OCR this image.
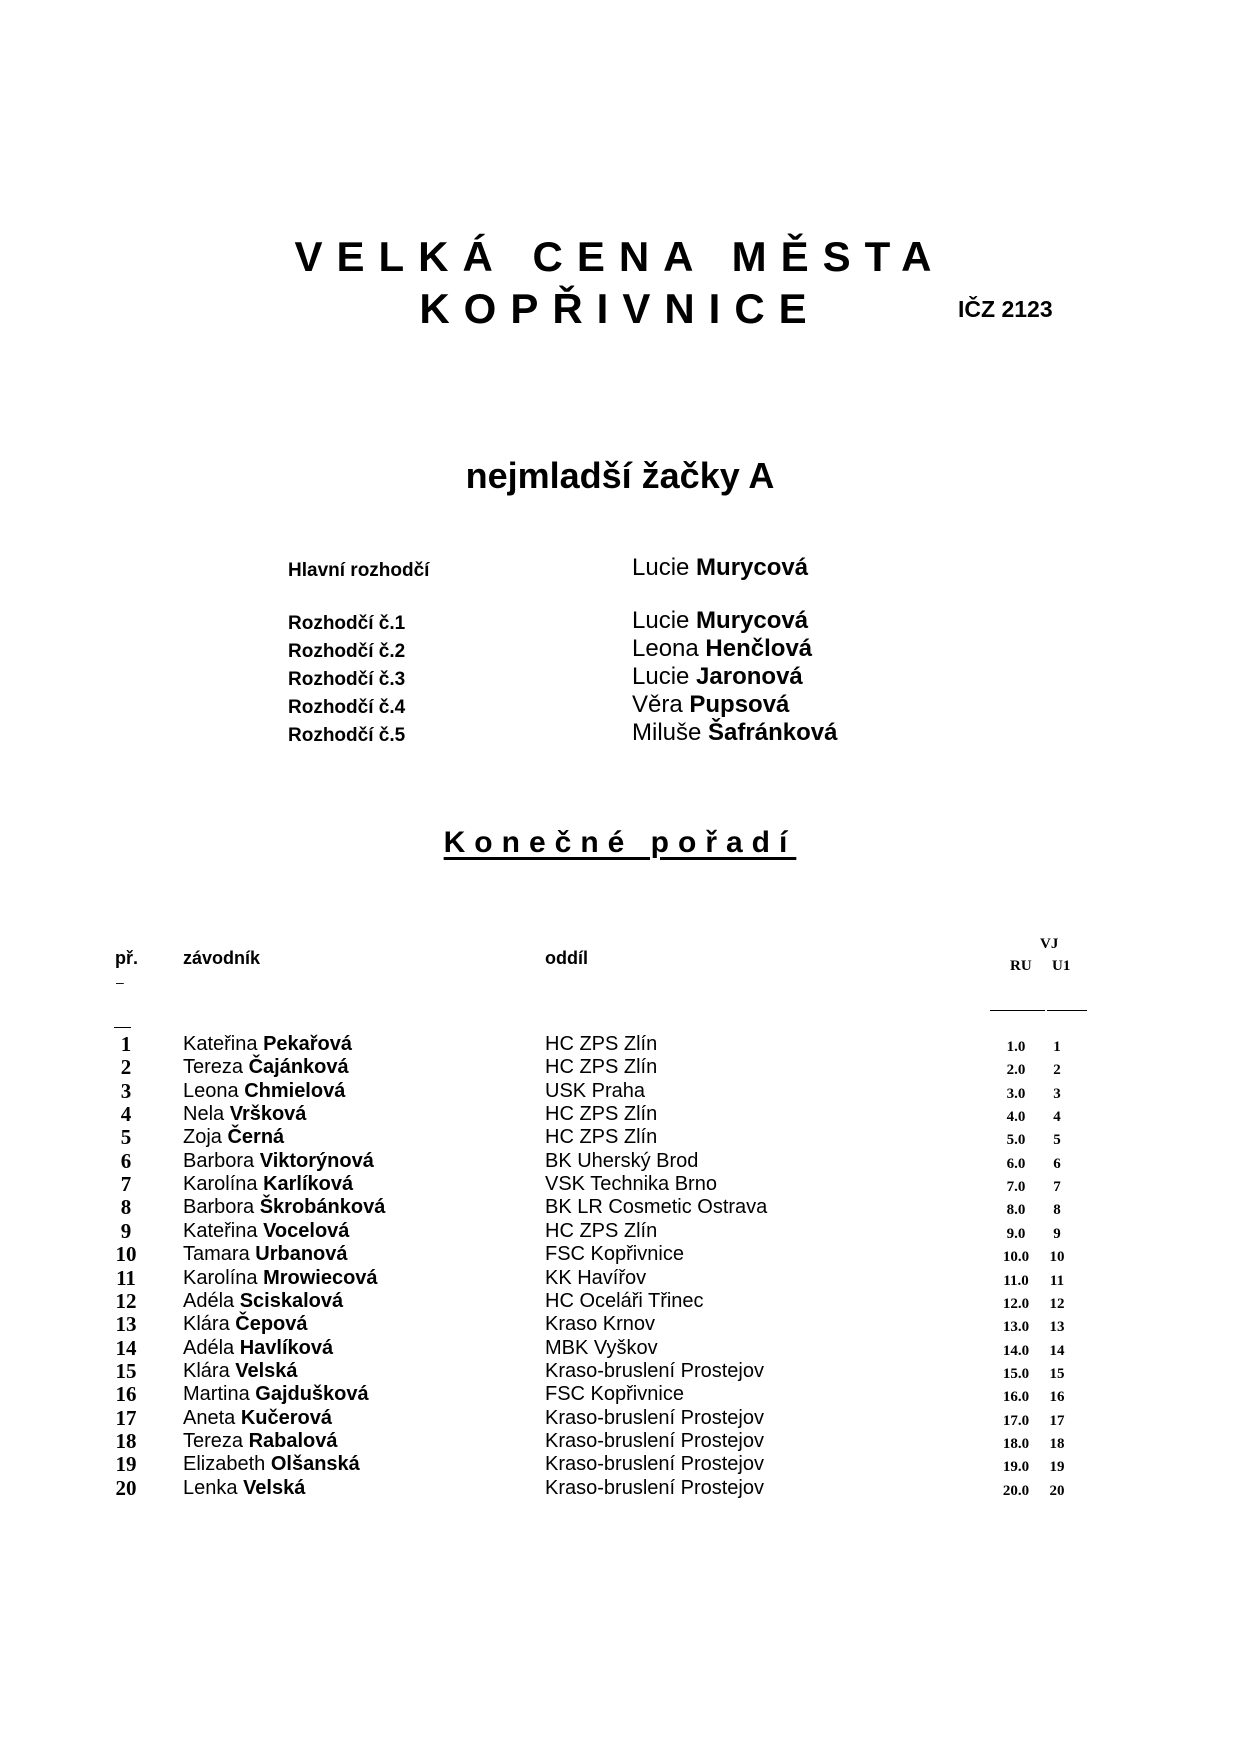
VELKÁ CENA MĚSTA
KOPŘIVNICE	IČZ 2123
nejmladší žačky A
Hlavní rozhodčí	Lucie Murycová
Rozhodčí č.1	Lucie Murycová
Rozhodčí č.2	Leona Henčlová
Rozhodčí č.3	Lucie Jaronová
Rozhodčí č.4	Věra Pupsová
Rozhodčí č.5	Miluše Šafránková
Konečné pořadí
př.
–
závodník	oddíl
VJ
RU U1
1	Kateřina Pekařová	HC ZPS Zlín	1.0	1
2	Tereza Čajánková	HC ZPS Zlín	2.0	2
3	Leona Chmielová	USK Praha	3.0	3
4	Nela Vršková	HC ZPS Zlín	4.0	4
5	Zoja Černá	HC ZPS Zlín	5.0	5
6	Barbora Viktorýnová	BK Uherský Brod	6.0	6
7	Karolína Karlíková	VSK Technika Brno	7.0	7
8	Barbora Škrobánková	BK LR Cosmetic Ostrava	8.0	8
9	Kateřina Vocelová	HC ZPS Zlín	9.0	9
10 Tamara Urbanová	FSC Kopřivnice	10.0	10
11	Karolína Mrowiecová	KK Havířov	11.0	11
12 Adéla Sciskalová	HC Oceláři Třinec	12.0	12
13 Klára Čepová	Kraso Krnov	13.0	13
14 Adéla Havlíková	MBK Vyškov	14.0	14
15 Klára Velská	Kraso-bruslení Prostejov	15.0	15
16 Martina Gajdušková	FSC Kopřivnice	16.0	16
17 Aneta Kučerová	Kraso-bruslení Prostejov	17.0	17
18 Tereza Rabalová	Kraso-bruslení Prostejov	18.0	18
19 Elizabeth Olšanská	Kraso-bruslení Prostejov	19.0	19
20 Lenka Velská	Kraso-bruslení Prostejov	20.0	20
